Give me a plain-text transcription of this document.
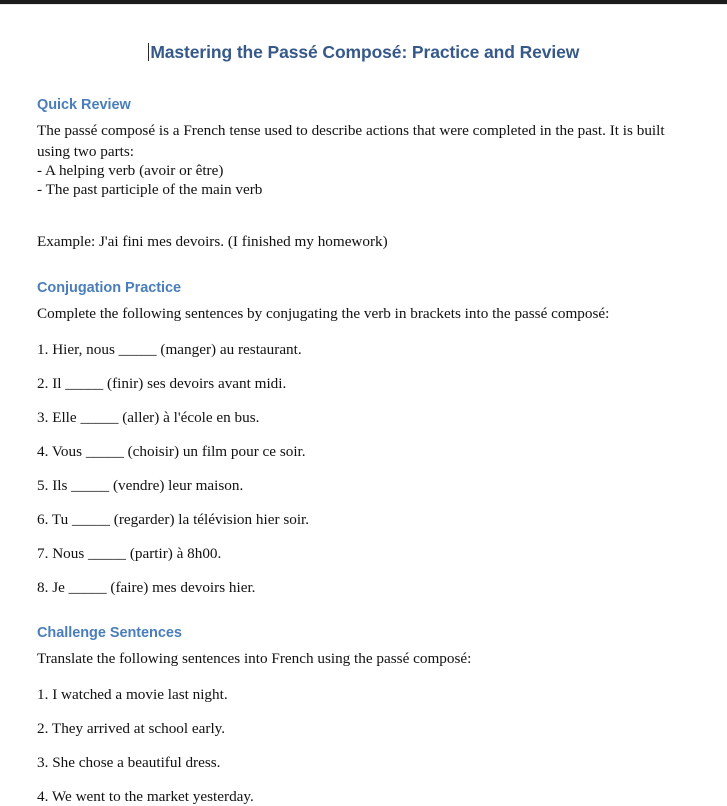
Mastering the Passé Composé: Practice and Review
Quick Review

The passé composé is a French tense used to describe actions that were completed in the past. It is built using two parts:

- A helping verb (avoir or être)

- The past participle of the main verb

Example: J'ai fini mes devoirs. (I finished my homework)

Conjugation Practice

Complete the following sentences by conjugating the verb in brackets into the passé composé:

1. Hier, nous _____ (manger) au restaurant.
2. Il _____ (finir) ses devoirs avant midi.
3. Elle _____ (aller) à l'école en bus.
4. Vous _____ (choisir) un film pour ce soir.
5. Ils _____ (vendre) leur maison.
6. Tu _____ (regarder) la télévision hier soir.
7. Nous _____ (partir) à 8h00.
8. Je _____ (faire) mes devoirs hier.
Challenge Sentences

Translate the following sentences into French using the passé composé:

1. I watched a movie last night.
2. They arrived at school early.
3. She chose a beautiful dress.
4. We went to the market yesterday.
